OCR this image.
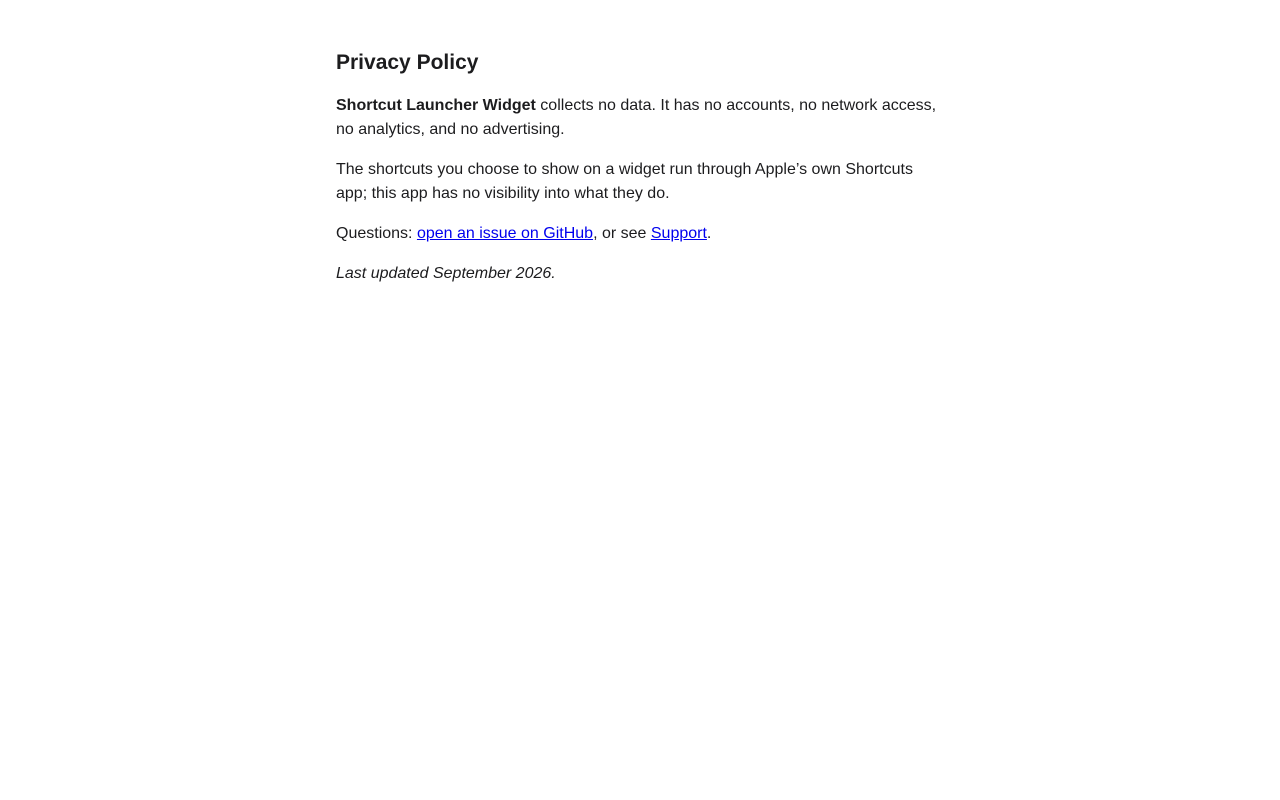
Privacy Policy

Shortcut Launcher Widget collects no data. It has no accounts, no network access, no analytics, and no advertising.

The shortcuts you choose to show on a widget run through Apple’s own Shortcuts app; this app has no visibility into what they do.

Questions: open an issue on GitHub, or see Support.

Last updated September 2026.
